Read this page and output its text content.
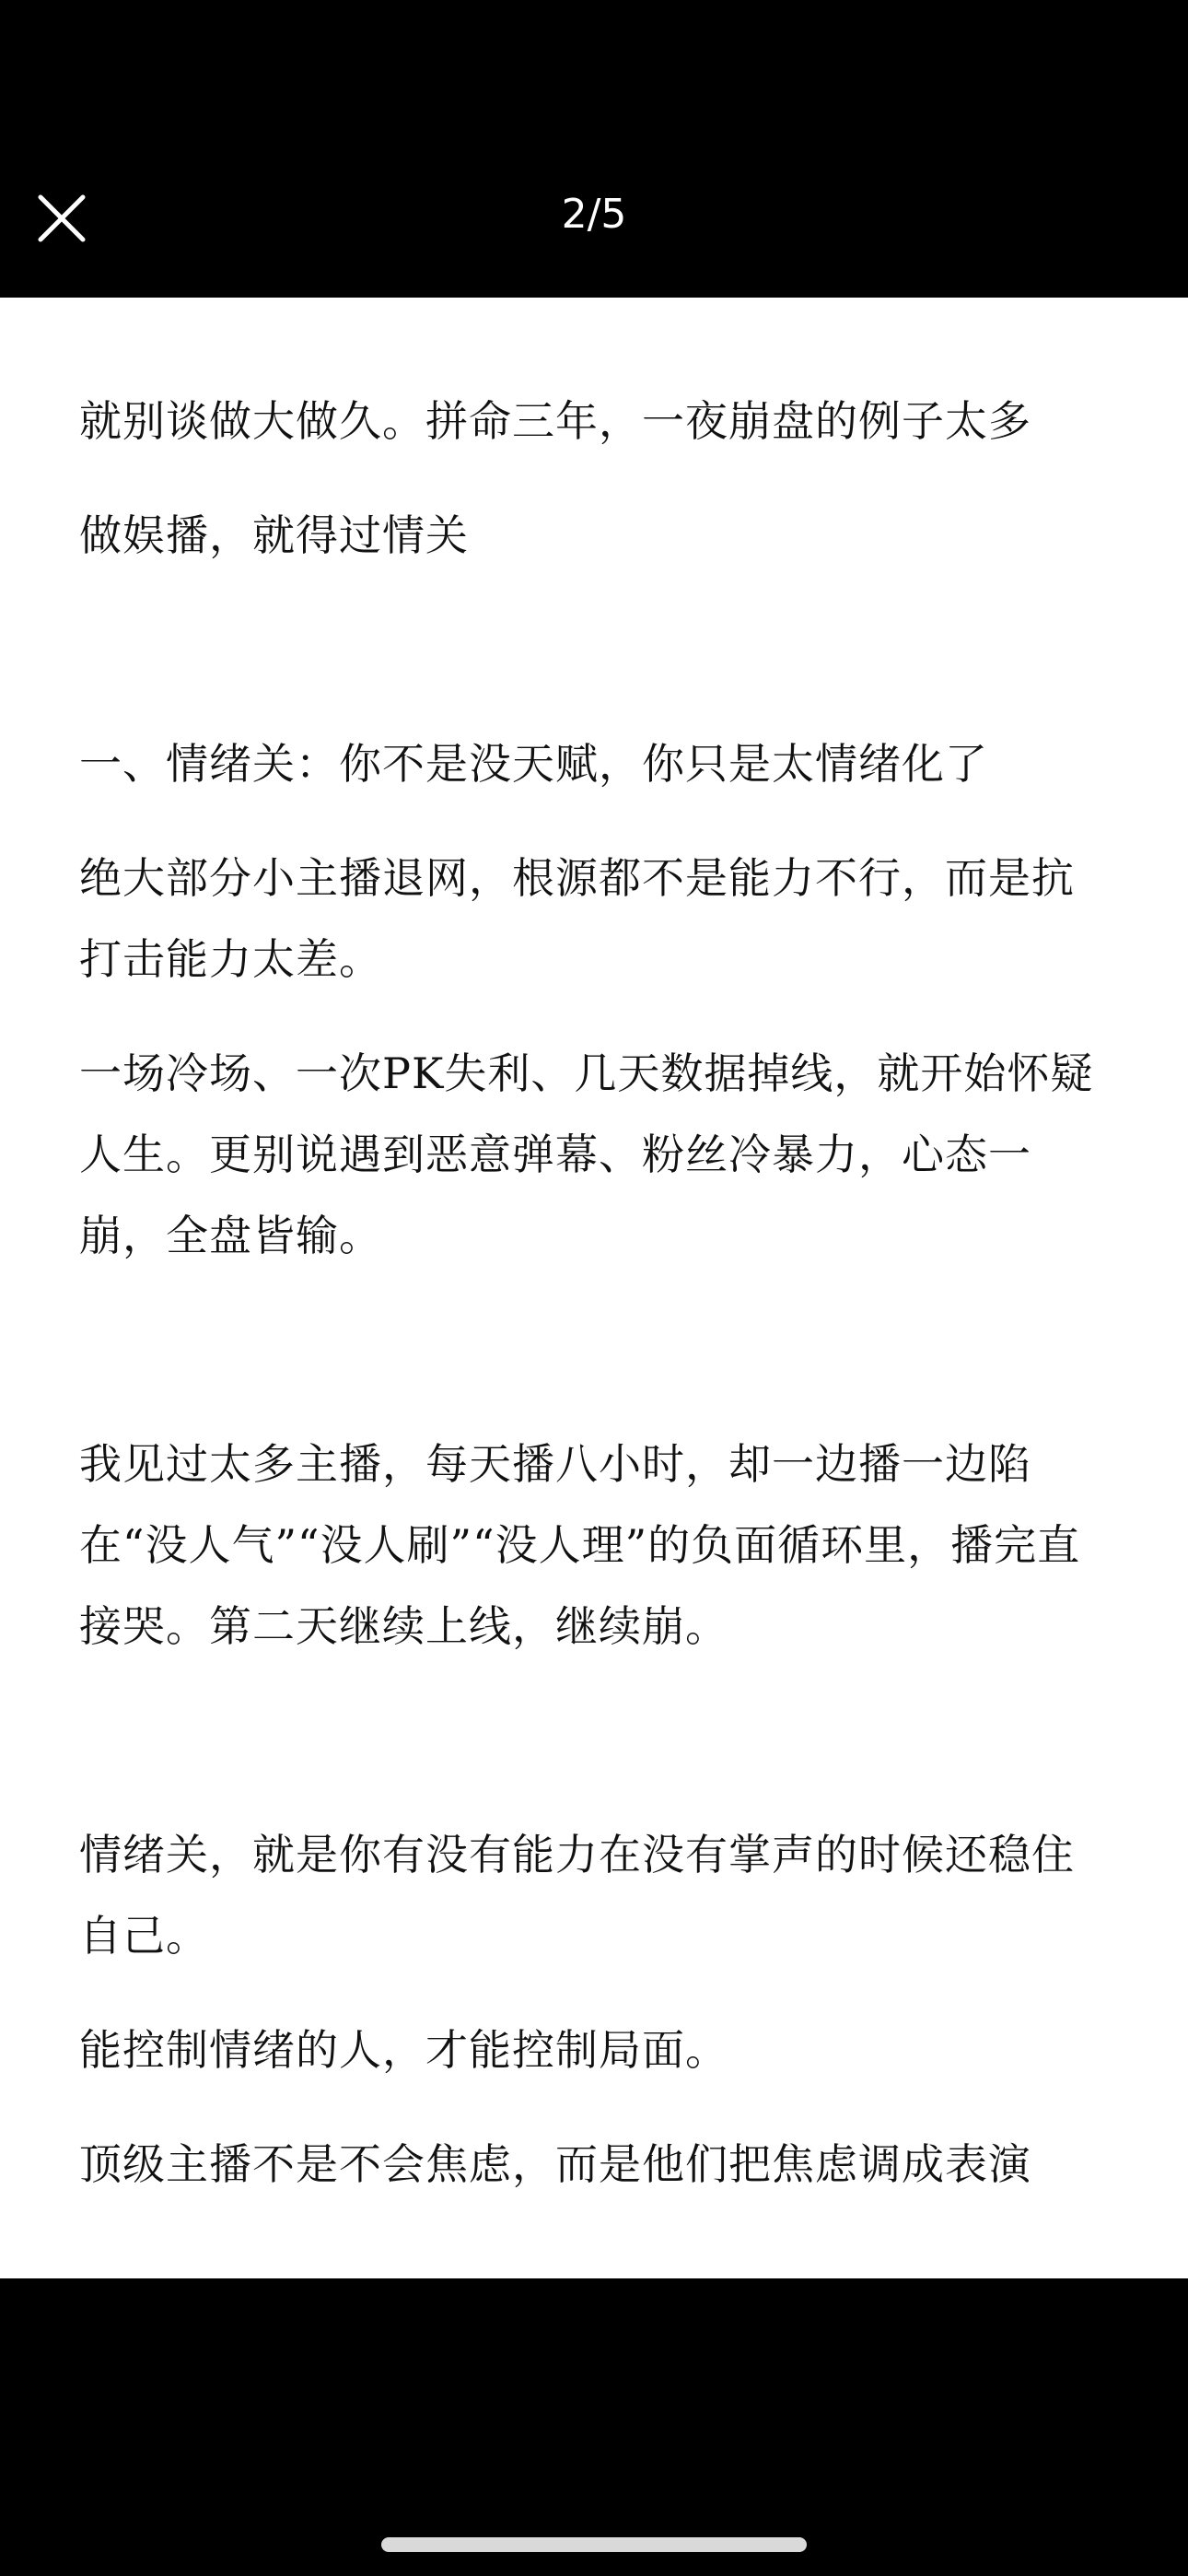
2/5

就别谈做大做久。拼命三年，一夜崩盘的例子太多

做娱播，就得过情关

一、情绪关：你不是没天赋，你只是太情绪化了

绝大部分小主播退网，根源都不是能力不行，而是抗打击能力太差。

一场冷场、一次PK失利、几天数据掉线，就开始怀疑人生。更别说遇到恶意弹幕、粉丝冷暴力，心态一崩，全盘皆输。

我见过太多主播，每天播八小时，却一边播一边陷在“没人气”“没人刷”“没人理”的负面循环里，播完直接哭。第二天继续上线，继续崩。

情绪关，就是你有没有能力在没有掌声的时候还稳住自己。

能控制情绪的人，才能控制局面。

顶级主播不是不会焦虑，而是他们把焦虑调成表演
